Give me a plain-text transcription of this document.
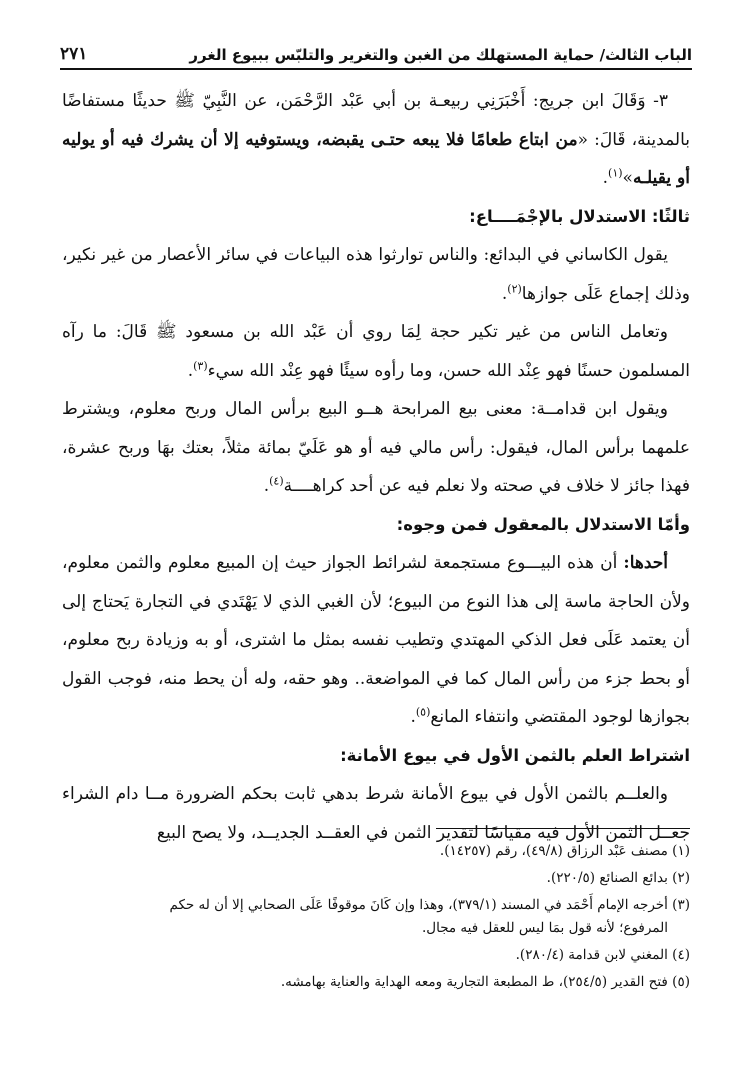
الباب الثالث/ حماية المستهلك من الغبن والتغرير والتلبّس ببيوع الغرر
٢٧١

٣- وَقَالَ ابن جريج: أَخْبَرَنِي ربيعـة بن أبي عَبْد الرَّحْمَن، عن النَّبِيّ ﷺ حديثًا مستفاضًا بالمدينة، قَالَ: «من ابتاع طعامًا فلا يبعه حتـى يقبضه، ويستوفيه إلا أن يشرك فيه أو يوليه أو يقيلـه»$^{(١)}$.

ثالثًا: الاستدلال بالإجْمَــــاع:

يقول الكاساني في البدائع: والناس توارثوا هذه البياعات في سائر الأعصار من غير نكير، وذلك إجماع عَلَى جوازها$^{(٢)}$.

وتعامل الناس من غير تكير حجة لِمَا روي أن عَبْد الله بن مسعود ﷺ قَالَ: ما رآه المسلمون حسنًا فهو عِنْد الله حسن، وما رأوه سيئًا فهو عِنْد الله سيء$^{(٣)}$.

ويقول ابن قدامــة: معنى بيع المرابحة هــو البيع برأس المال وربح معلوم، ويشترط علمهما برأس المال، فيقول: رأس مالي فيه أو هو عَلَيّ بمائة مثلاً، بعتك بهَا وربح عشرة، فهذا جائز لا خلاف في صحته ولا نعلم فيه عن أحد كراهــــة$^{(٤)}$.

وأمّا الاستدلال بالمعقول فمن وجوه:

أحدها: أن هذه البيـــوع مستجمعة لشرائط الجواز حيث إن المبيع معلوم والثمن معلوم، ولأن الحاجة ماسة إلى هذا النوع من البيوع؛ لأن الغبي الذي لا يَهْتَدي في التجارة يَحتاج إلى أن يعتمد عَلَى فعل الذكي المهتدي وتطيب نفسه بمثل ما اشترى، أو به وزيادة ربح معلوم، أو بحط جزء من رأس المال كما في المواضعة.. وهو حقه، وله أن يحط منه، فوجب القول بجوازها لوجود المقتضي وانتفاء المانع$^{(٥)}$.

اشتراط العلم بالثمن الأول في بيوع الأمانة:

والعلــم بالثمن الأول في بيوع الأمانة شرط بدهي ثابت بحكم الضرورة مــا دام الشراء جعــل الثمن الأول فيه مقياسًا لتقدير الثمن في العقــد الجديــد، ولا يصح البيع

(١) مصنف عَبْد الرزاق (٤٩/٨)، رقم (١٤٢٥٧).

(٢) بدائع الصنائع (٢٢٠/٥).

(٣) أخرجه الإمام أَحْمَد في المسند (٣٧٩/١)، وهذا وإن كَانَ موقوفًا عَلَى الصحابي إلا أن له حكم

المرفوع؛ لأنه قول بمَا ليس للعقل فيه مجال.

(٤) المغني لابن قدامة (٢٨٠/٤).

(٥) فتح القدير (٢٥٤/٥)، ط المطبعة التجارية ومعه الهداية والعناية بهامشه.
